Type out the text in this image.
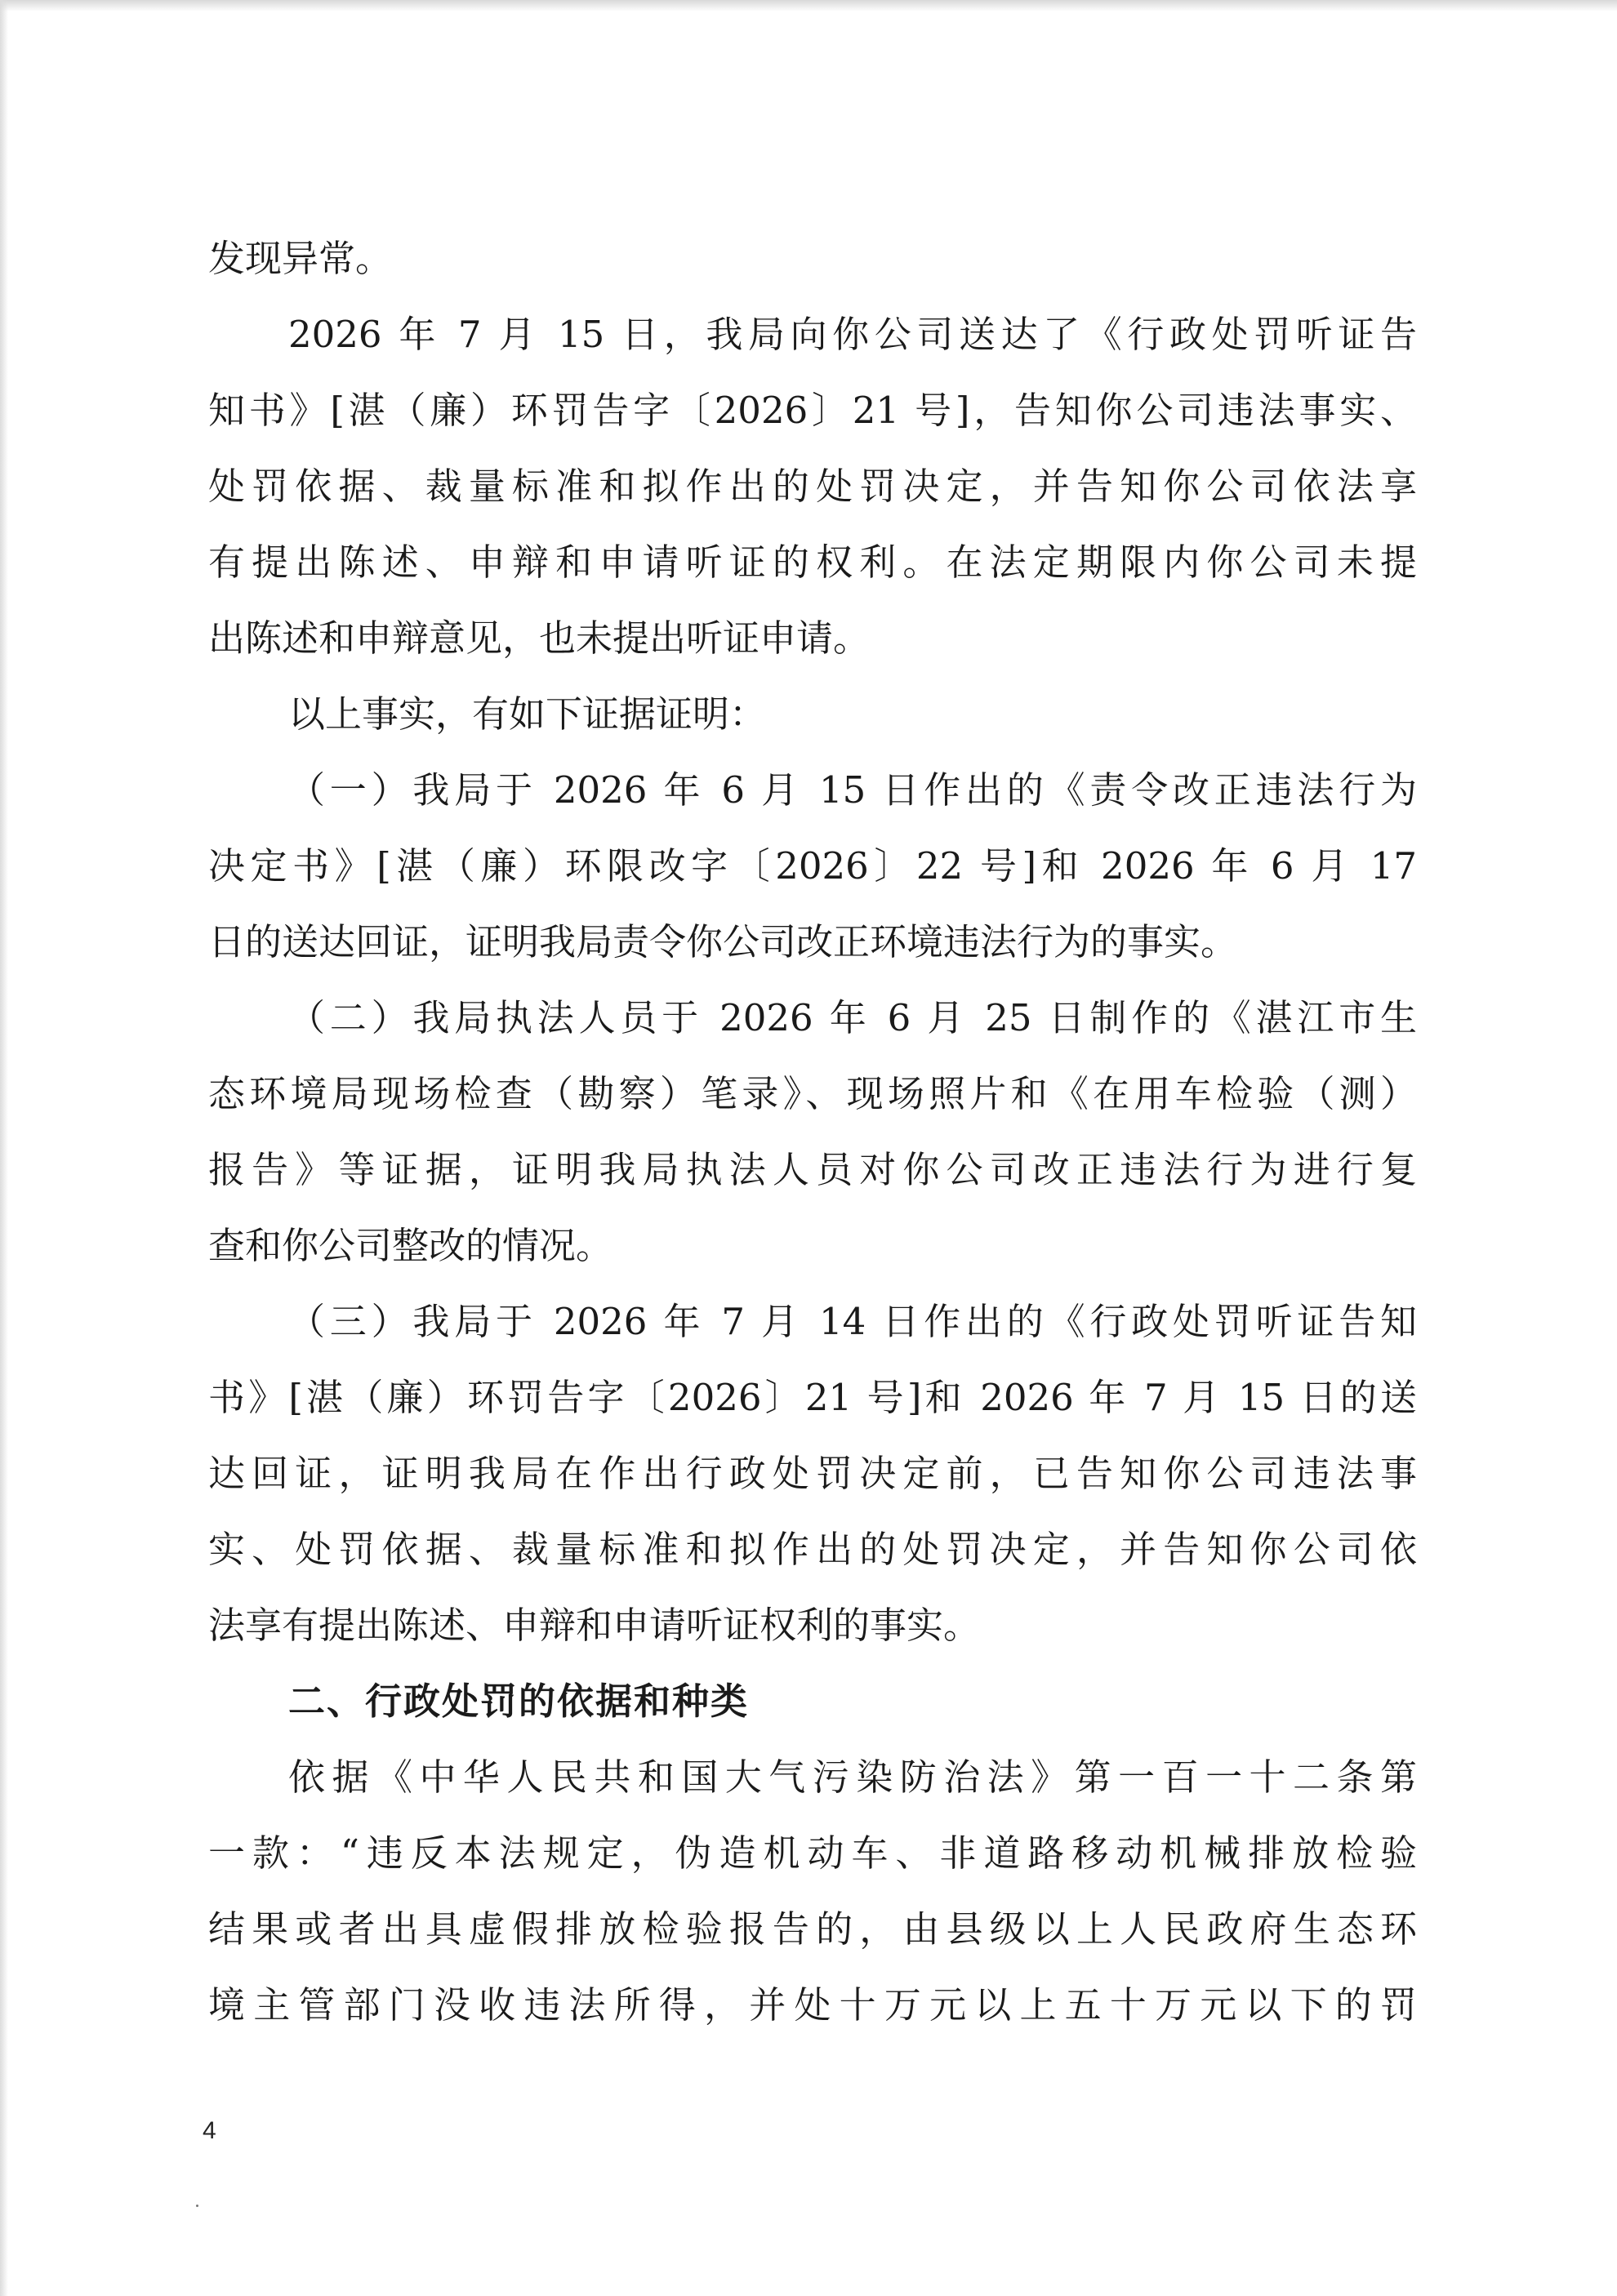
发现异常。
2026 年 7 月 15 日，我局向你公司送达了《行政处罚听证告
知书》[湛（廉）环罚告字〔2026〕21 号]，告知你公司违法事实、
处罚依据、裁量标准和拟作出的处罚决定，并告知你公司依法享
有提出陈述、申辩和申请听证的权利。在法定期限内你公司未提
出陈述和申辩意见，也未提出听证申请。
以上事实，有如下证据证明：
（一）我局于 2026 年 6 月 15 日作出的《责令改正违法行为
决定书》[湛（廉）环限改字〔2026〕22 号]和 2026 年 6 月 17
日的送达回证，证明我局责令你公司改正环境违法行为的事实。
（二）我局执法人员于 2026 年 6 月 25 日制作的《湛江市生
态环境局现场检查（勘察）笔录》、现场照片和《在用车检验（测）
报告》等证据，证明我局执法人员对你公司改正违法行为进行复
查和你公司整改的情况。
（三）我局于 2026 年 7 月 14 日作出的《行政处罚听证告知
书》[湛（廉）环罚告字〔2026〕21 号]和 2026 年 7 月 15 日的送
达回证，证明我局在作出行政处罚决定前，已告知你公司违法事
实、处罚依据、裁量标准和拟作出的处罚决定，并告知你公司依
法享有提出陈述、申辩和申请听证权利的事实。
二、行政处罚的依据和种类
依据《中华人民共和国大气污染防治法》第一百一十二条第
一款：“违反本法规定，伪造机动车、非道路移动机械排放检验
结果或者出具虚假排放检验报告的，由县级以上人民政府生态环
境主管部门没收违法所得，并处十万元以上五十万元以下的罚
4
